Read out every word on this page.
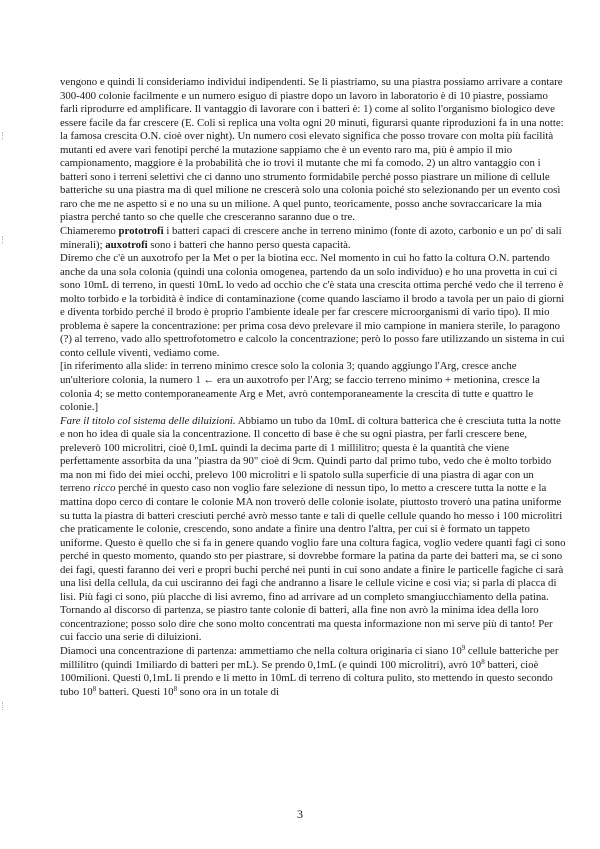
vengono e quindi li consideriamo individui indipendenti. Se li piastriamo, su una piastra possiamo arrivare a contare 300-400 colonie facilmente e un numero esiguo di piastre dopo un lavoro in laboratorio è di 10 piastre, possiamo farli riprodurre ed amplificare. Il vantaggio di lavorare con i batteri è: 1) come al solito l'organismo biologico deve essere facile da far crescere (E. Coli si replica una volta ogni 20 minuti, figurarsi quante riproduzioni fa in una notte: la famosa crescita O.N. cioè over night). Un numero così elevato significa che posso trovare con molta più facilità mutanti ed avere vari fenotipi perché la mutazione sappiamo che è un evento raro ma, più è ampio il mio campionamento, maggiore è la probabilità che io trovi il mutante che mi fa comodo. 2) un altro vantaggio con i batteri sono i terreni selettivi che ci danno uno strumento formidabile perché posso piastrare un milione di cellule batteriche su una piastra ma di quel milione ne crescerà solo una colonia poiché sto selezionando per un evento così raro che me ne aspetto sì e no una su un milione. A quel punto, teoricamente, posso anche sovraccaricare la mia piastra perché tanto so che quelle che cresceranno saranno due o tre.

Chiameremo prototrofi i batteri capaci di crescere anche in terreno minimo (fonte di azoto, carbonio e un po' di sali minerali); auxotrofi sono i batteri che hanno perso questa capacità.

Diremo che c'è un auxotrofo per la Met o per la biotina ecc. Nel momento in cui ho fatto la coltura O.N. partendo anche da una sola colonia (quindi una colonia omogenea, partendo da un solo individuo) e ho una provetta in cui ci sono 10mL di terreno, in questi 10mL lo vedo ad occhio che c'è stata una crescita ottima perché vedo che il terreno è molto torbido e la torbidità è indice di contaminazione (come quando lasciamo il brodo a tavola per un paio di giorni e diventa torbido perché il brodo è proprio l'ambiente ideale per far crescere microorganismi di vario tipo). Il mio problema è sapere la concentrazione: per prima cosa devo prelevare il mio campione in maniera sterile, lo paragono (?) al terreno, vado allo spettrofotometro e calcolo la concentrazione; però lo posso fare utilizzando un sistema in cui conto cellule viventi, vediamo come.

[in riferimento alla slide: in terreno minimo cresce solo la colonia 3; quando aggiungo l'Arg, cresce anche un'ulteriore colonia, la numero 1 ← era un auxotrofo per l'Arg; se faccio terreno minimo + metionina, cresce la colonia 4; se metto contemporaneamente Arg e Met, avrò contemporaneamente la crescita di tutte e quattro le colonie.]

Fare il titolo col sistema delle diluizioni. Abbiamo un tubo da 10mL di coltura batterica che è cresciuta tutta la notte e non ho idea di quale sia la concentrazione. Il concetto di base è che su ogni piastra, per farli crescere bene, preleverò 100 microlitri, cioè 0,1mL quindi la decima parte di 1 millilitro; questa è la quantità che viene perfettamente assorbita da una "piastra da 90" cioè di 9cm. Quindi parto dal primo tubo, vedo che è molto torbido ma non mi fido dei miei occhi, prelevo 100 microlitri e li spatolo sulla superficie di una piastra di agar con un terreno ricco perché in questo caso non voglio fare selezione di nessun tipo, lo metto a crescere tutta la notte e la mattina dopo cerco di contare le colonie MA non troverò delle colonie isolate, piuttosto troverò una patina uniforme su tutta la piastra di batteri cresciuti perché avrò messo tante e tali di quelle cellule quando ho messo i 100 microlitri che praticamente le colonie, crescendo, sono andate a finire una dentro l'altra, per cui si è formato un tappeto uniforme. Questo è quello che si fa in genere quando voglio fare una coltura fagica, voglio vedere quanti fagi ci sono perché in questo momento, quando sto per piastrare, si dovrebbe formare la patina da parte dei batteri ma, se ci sono dei fagi, questi faranno dei veri e propri buchi perché nei punti in cui sono andate a finire le particelle fagiche ci sarà una lisi della cellula, da cui usciranno dei fagi che andranno a lisare le cellule vicine e così via; si parla di placca di lisi. Più fagi ci sono, più placche di lisi avremo, fino ad arrivare ad un completo smangiucchiamento della patina. Tornando al discorso di partenza, se piastro tante colonie di batteri, alla fine non avrò la minima idea della loro concentrazione; posso solo dire che sono molto concentrati ma questa informazione non mi serve più di tanto! Per cui faccio una serie di diluizioni.

Diamoci una concentrazione di partenza: ammettiamo che nella coltura originaria ci siano $10^9$ cellule batteriche per millilitro (quindi 1miliardo di batteri per mL). Se prendo 0,1mL (e quindi 100 microlitri), avrò $10^8$ batteri, cioè 100milioni. Questi 0,1mL li prendo e li metto in 10mL di terreno di coltura pulito, sto mettendo in questo secondo tubo $10^8$ batteri. Questi $10^8$ sono ora in un totale di

3
